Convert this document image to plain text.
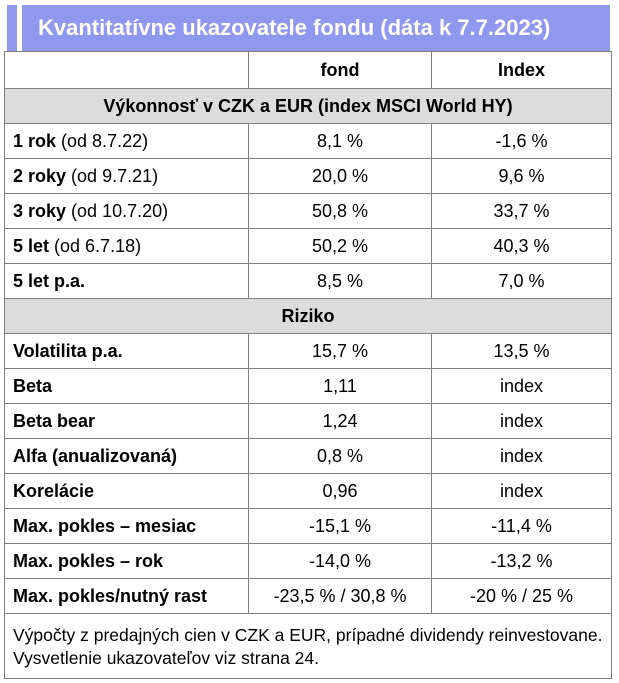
Kvantitatívne ukazovatele fondu (dáta k 7.7.2023)
	fond	Index
Výkonnosť v CZK a EUR (index MSCI World HY)		
1 rok (od 8.7.22)	8,1 %	-1,6 %
2 roky (od 9.7.21)	20,0 %	9,6 %
3 roky (od 10.7.20)	50,8 %	33,7 %
5 let (od 6.7.18)	50,2 %	40,3 %
5 let p.a.	8,5 %	7,0 %
Riziko		
Volatilita p.a.	15,7 %	13,5 %
Beta	1,11	index
Beta bear	1,24	index
Alfa (anualizovaná)	0,8 %	index
Korelácie	0,96	index
Max. pokles – mesiac	-15,1 %	-11,4 %
Max. pokles – rok	-14,0 %	-13,2 %
Max. pokles/nutný rast	-23,5 % / 30,8 %	-20 % / 25 %
Výpočty z predajných cien v CZK a EUR, prípadné dividendy reinvestovane. Vysvetlenie ukazovateľov viz strana 24.		
